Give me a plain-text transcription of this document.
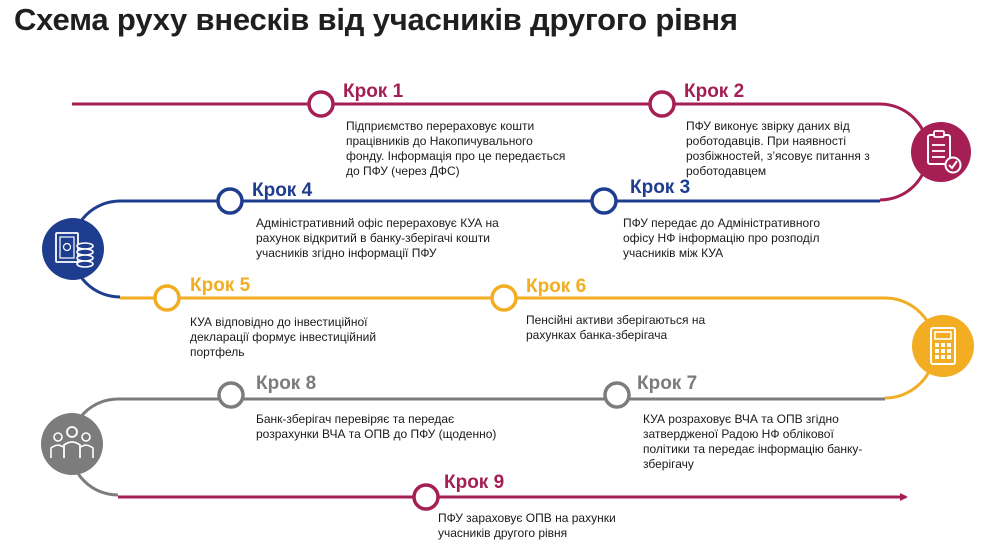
Схема руху внесків від учасників другого рівня
Крок 1
Підприємство перераховує кошти працівників до Накопичувального фонду. Інформація про це передається до ПФУ (через ДФС)
Крок 2
ПФУ виконує звірку даних від роботодавців. При наявності розбіжностей, з’ясовує питання з роботодавцем
Крок 3
ПФУ передає до Адміністративного офісу НФ інформацію про розподіл учасників між КУА
Крок 4
Адміністративний офіс перераховує КУА на рахунок відкритий в банку-зберігачі кошти учасників згідно інформації ПФУ
Крок 5
КУА відповідно до інвестиційної декларації формує інвестиційний портфель
Крок 6
Пенсійні активи зберігаються на рахунках банка-зберігача
Крок 7
КУА розраховує ВЧА та ОПВ згідно затвердженої Радою НФ облікової політики та передає інформацію банку-зберігачу
Крок 8
Банк-зберігач перевіряє та передає розрахунки ВЧА та ОПВ до ПФУ (щоденно)
Крок 9
ПФУ зараховує ОПВ на рахунки учасників другого рівня
